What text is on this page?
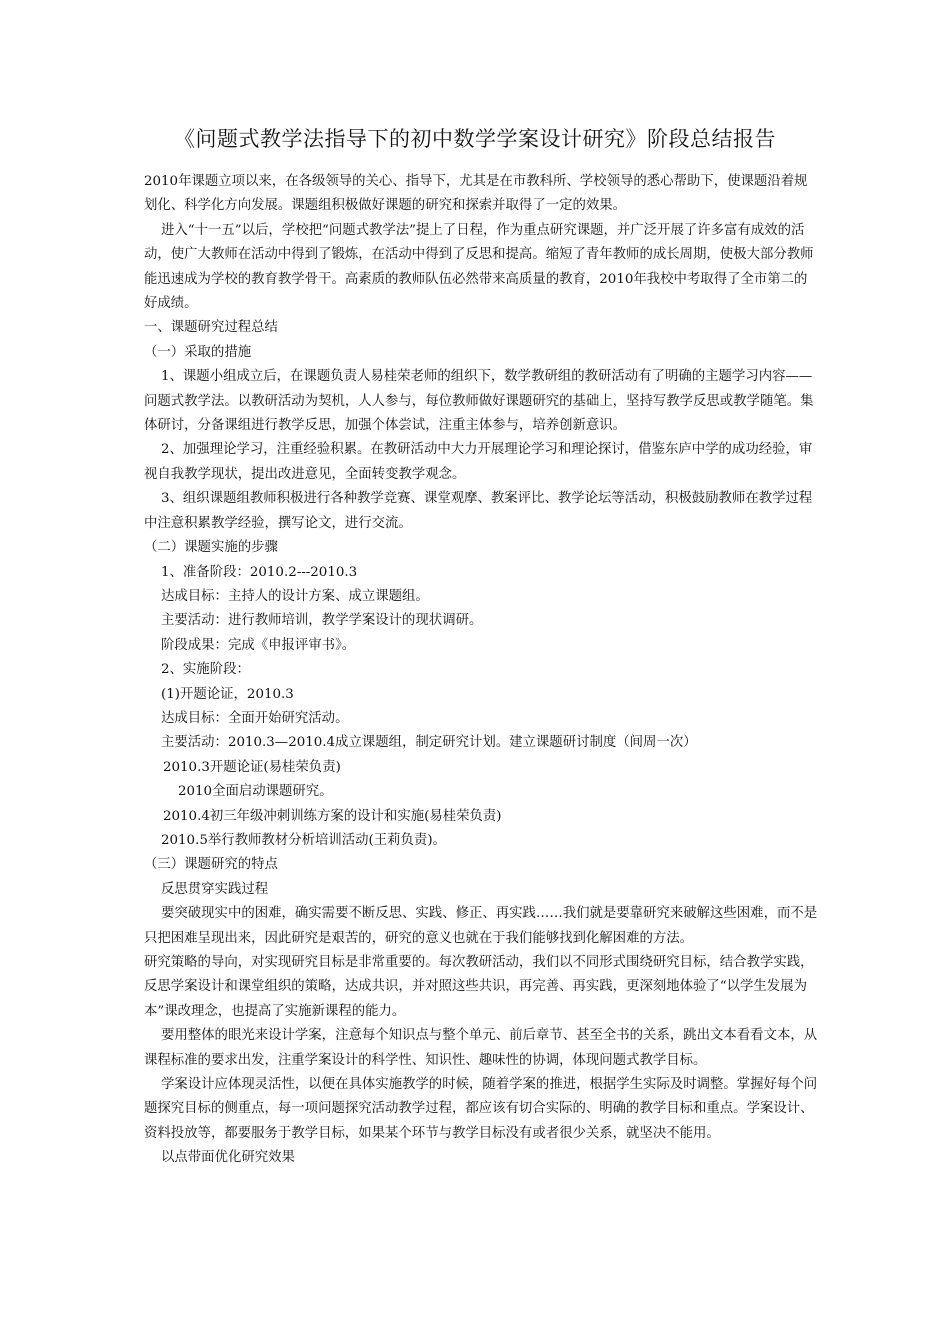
《问题式教学法指导下的初中数学学案设计研究》阶段总结报告

2010年课题立项以来，在各级领导的关心、指导下，尤其是在市教科所、学校领导的悉心帮助下，使课题沿着规划化、科学化方向发展。课题组积极做好课题的研究和探索并取得了一定的效果。

进入“十一五”以后，学校把“问题式教学法”提上了日程，作为重点研究课题，并广泛开展了许多富有成效的活动，使广大教师在活动中得到了锻炼，在活动中得到了反思和提高。缩短了青年教师的成长周期，使极大部分教师能迅速成为学校的教育教学骨干。高素质的教师队伍必然带来高质量的教育，2010年我校中考取得了全市第二的好成绩。

一、课题研究过程总结

（一）采取的措施

1、课题小组成立后，在课题负责人易桂荣老师的组织下，数学教研组的教研活动有了明确的主题学习内容——问题式教学法。以教研活动为契机，人人参与，每位教师做好课题研究的基础上，坚持写教学反思或教学随笔。集体研讨，分备课组进行教学反思，加强个体尝试，注重主体参与，培养创新意识。

2、加强理论学习，注重经验积累。在教研活动中大力开展理论学习和理论探讨，借鉴东庐中学的成功经验，审视自我教学现状，提出改进意见，全面转变教学观念。

3、组织课题组教师积极进行各种教学竞赛、课堂观摩、教案评比、教学论坛等活动，积极鼓励教师在教学过程中注意积累教学经验，撰写论文，进行交流。

（二）课题实施的步骤

1、准备阶段：2010.2---2010.3

达成目标：主持人的设计方案、成立课题组。

主要活动：进行教师培训，教学学案设计的现状调研。

阶段成果：完成《申报评审书》。

2、实施阶段：

(1)开题论证，2010.3

达成目标：全面开始研究活动。

主要活动：2010.3—2010.4成立课题组，制定研究计划。建立课题研讨制度（间周一次）

2010.3开题论证(易桂荣负责)

2010全面启动课题研究。

2010.4初三年级冲刺训练方案的设计和实施(易桂荣负责)

2010.5举行教师教材分析培训活动(王莉负责)。

（三）课题研究的特点

反思贯穿实践过程

要突破现实中的困难，确实需要不断反思、实践、修正、再实践……我们就是要靠研究来破解这些困难，而不是只把困难呈现出来，因此研究是艰苦的，研究的意义也就在于我们能够找到化解困难的方法。

研究策略的导向，对实现研究目标是非常重要的。每次教研活动，我们以不同形式围绕研究目标，结合教学实践，反思学案设计和课堂组织的策略，达成共识，并对照这些共识，再完善、再实践，更深刻地体验了“以学生发展为本”课改理念，也提高了实施新课程的能力。

要用整体的眼光来设计学案，注意每个知识点与整个单元、前后章节、甚至全书的关系，跳出文本看看文本，从课程标准的要求出发，注重学案设计的科学性、知识性、趣味性的协调，体现问题式教学目标。

学案设计应体现灵活性，以便在具体实施教学的时候，随着学案的推进，根据学生实际及时调整。掌握好每个问题探究目标的侧重点，每一项问题探究活动教学过程，都应该有切合实际的、明确的教学目标和重点。学案设计、资料投放等，都要服务于教学目标，如果某个环节与教学目标没有或者很少关系，就坚决不能用。

以点带面优化研究效果
